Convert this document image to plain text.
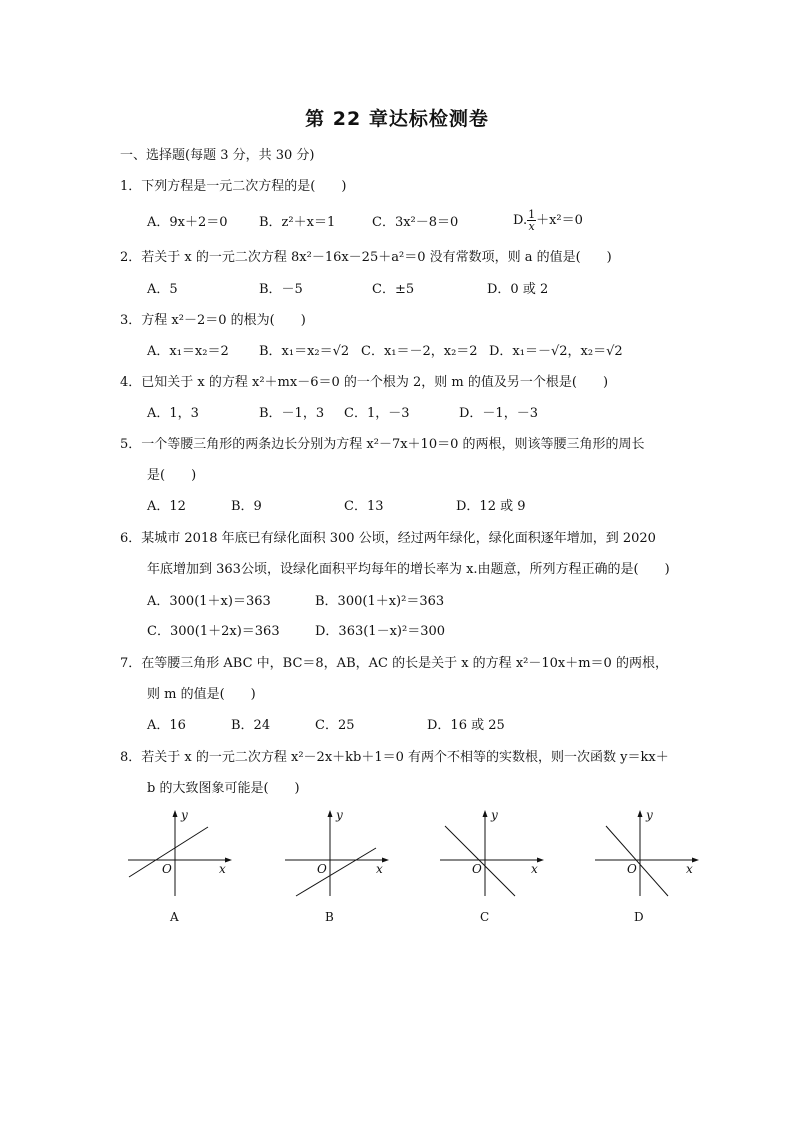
第 22 章达标检测卷
一、选择题(每题 3 分，共 30 分)
1．下列方程是一元二次方程的是(　　)
A．9x＋2＝0 B．z²＋x＝1	C．3x²－8＝0	D. $\frac{1}{x} +x^2=0$
2．若关于 x 的一元二次方程 8x²－16x－25＋a²＝0 没有常数项，则 a 的值是(　　)
A．5	B．－5	C．±5	D．0 或 2
3．方程 x²－2＝0 的根为(　　)
A．x₁＝x₂＝2 B．x₁＝x₂＝√2 C．x₁＝－2，x₂＝2 D．x₁＝－√2，x₂＝√2
4．已知关于 x 的方程 x²＋mx－6＝0 的一个根为 2，则 m 的值及另一个根是(　　)
A．1，3	B．－1，3 C．1，－3	D．－1，－3
5．一个等腰三角形的两条边长分别为方程 x²－7x＋10＝0 的两根，则该等腰三角形的周长
是(　　)
A．12	B．9	C．13	D．12 或 9
6．某城市 2018 年底已有绿化面积 300 公顷，经过两年绿化，绿化面积逐年增加，到 2020
年底增加到 363公顷，设绿化面积平均每年的增长率为 x.由题意，所列方程正确的是(　　)
A．300(1＋x)＝363	B．300(1＋x)²＝363
C．300(1＋2x)＝363	D．363(1－x)²＝300
7．在等腰三角形 ABC 中，BC＝8，AB，AC 的长是关于 x 的方程 x²－10x＋m＝0 的两根，
则 m 的值是(　　)
A．16	B．24	C．25	D．16 或 25
8．若关于 x 的一元二次方程 x²－2x＋kb＋1＝0 有两个不相等的实数根，则一次函数 y＝kx＋
b 的大致图象可能是(　　)
y
O	x
A
y
O	x
B
y
O	x
C
y
O	x
D
